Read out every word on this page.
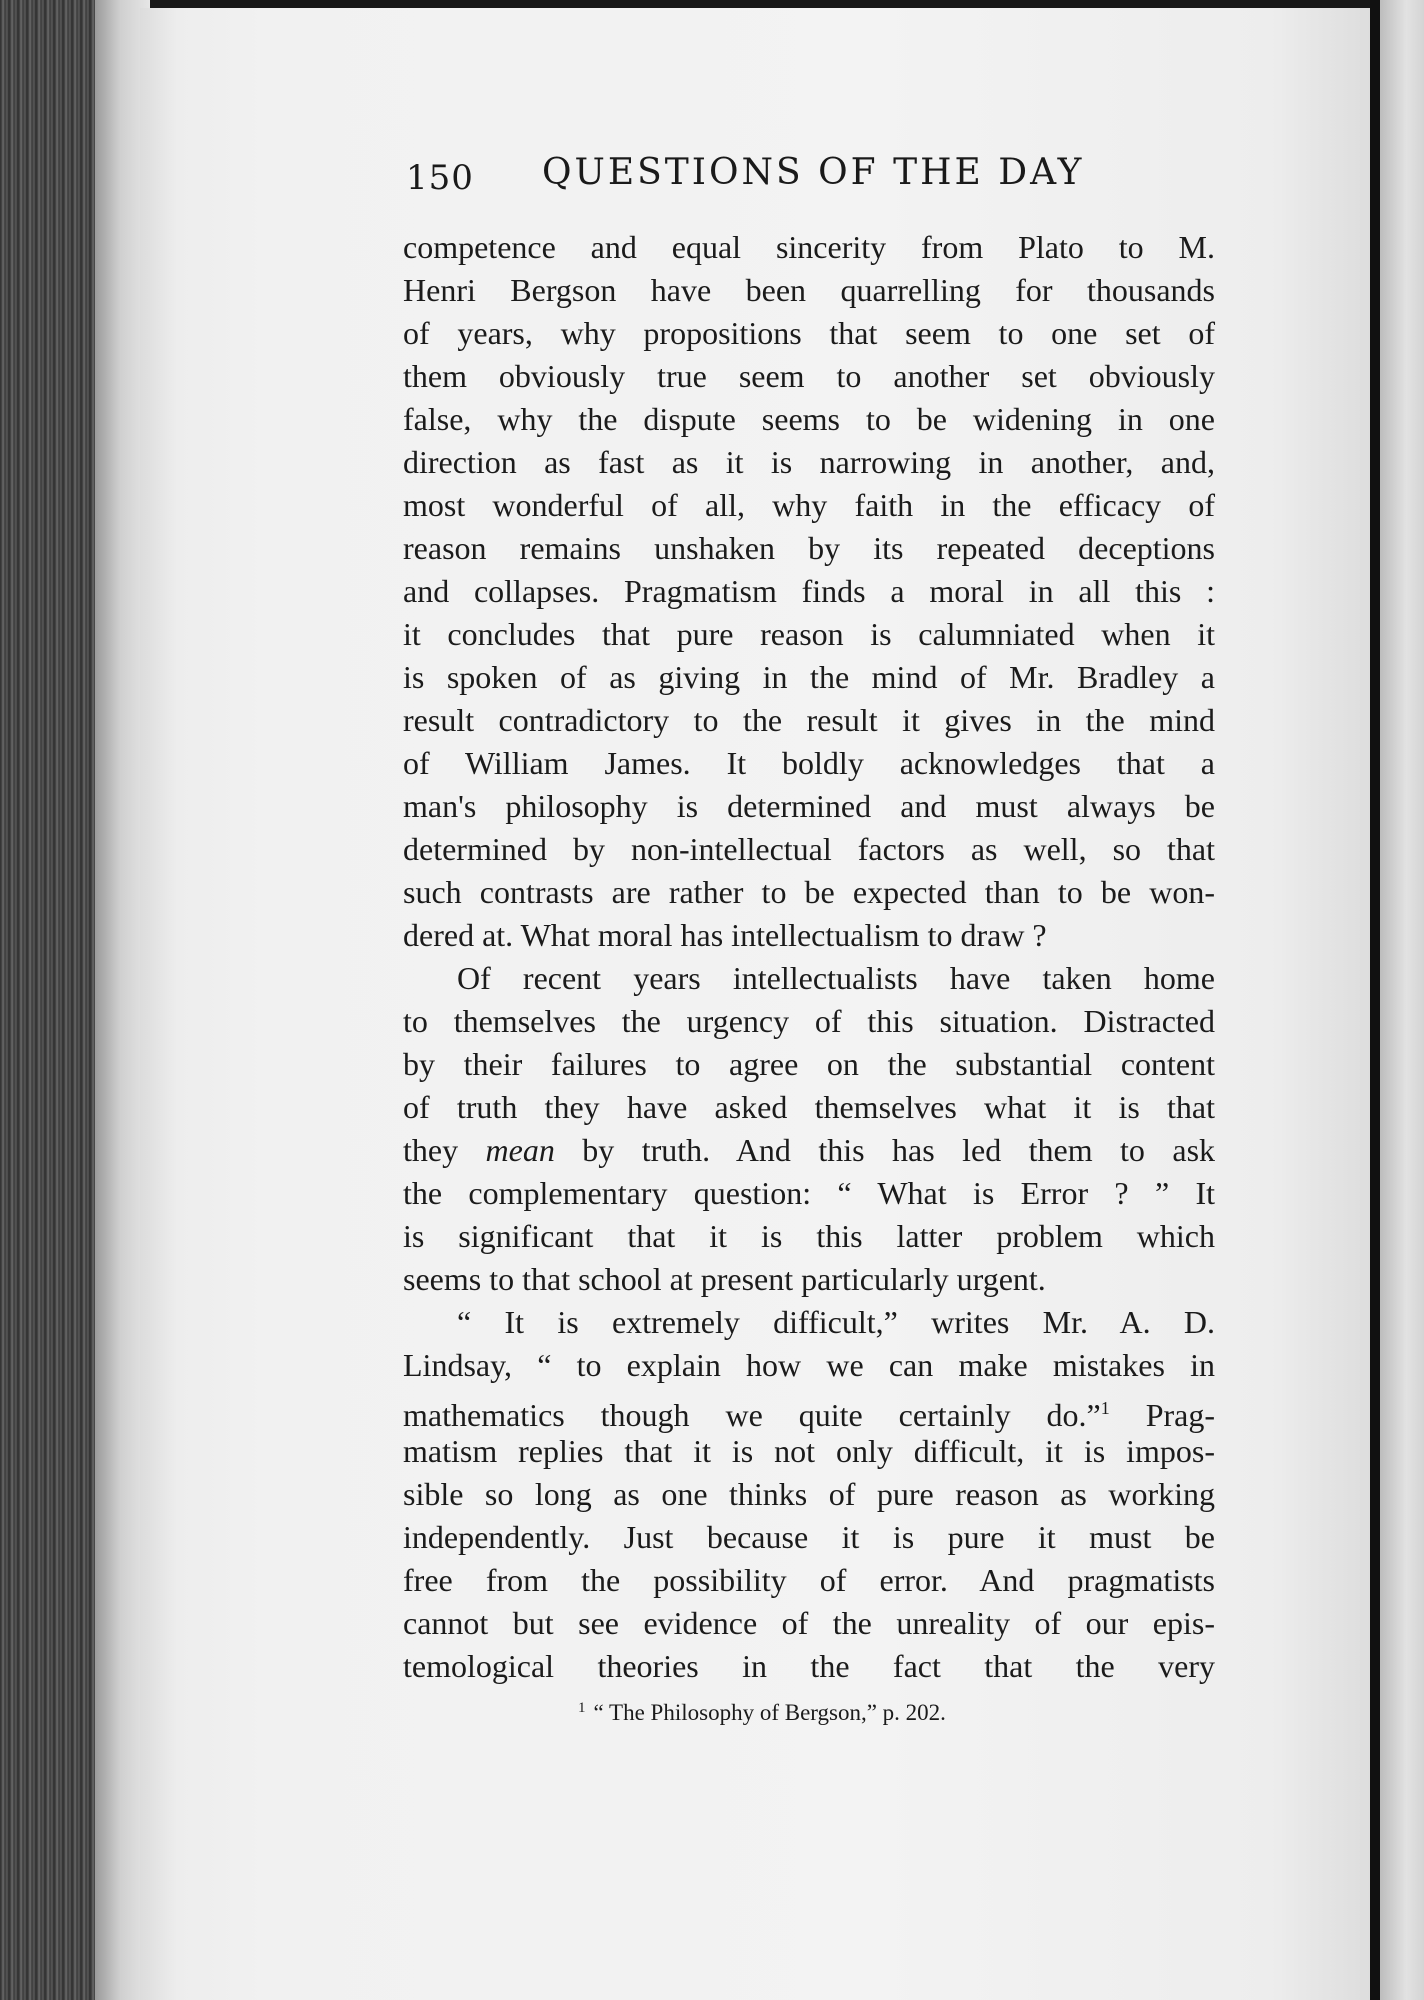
150 QUESTIONS OF THE DAY
competence and equal sincerity from Plato to M.
Henri Bergson have been quarrelling for thousands
of years, why propositions that seem to one set of
them obviously true seem to another set obviously
false, why the dispute seems to be widening in one
direction as fast as it is narrowing in another, and,
most wonderful of all, why faith in the efficacy of
reason remains unshaken by its repeated deceptions
and collapses. Pragmatism finds a moral in all this :
it concludes that pure reason is calumniated when it
is spoken of as giving in the mind of Mr. Bradley a
result contradictory to the result it gives in the mind
of William James. It boldly acknowledges that a
man's philosophy is determined and must always be
determined by non-intellectual factors as well, so that
such contrasts are rather to be expected than to be won-
dered at. What moral has intellectualism to draw ?
Of recent years intellectualists have taken home
to themselves the urgency of this situation. Distracted
by their failures to agree on the substantial content
of truth they have asked themselves what it is that
they mean by truth. And this has led them to ask
the complementary question: “ What is Error ? ” It
is significant that it is this latter problem which
seems to that school at present particularly urgent.
“ It is extremely difficult,” writes Mr. A. D.
Lindsay, “ to explain how we can make mistakes in
mathematics though we quite certainly do.”$^1$ Prag-
matism replies that it is not only difficult, it is impos-
sible so long as one thinks of pure reason as working
independently. Just because it is pure it must be
free from the possibility of error. And pragmatists
cannot but see evidence of the unreality of our epis-
temological theories in the fact that the very
$^1$ “ The Philosophy of Bergson,” p. 202.
